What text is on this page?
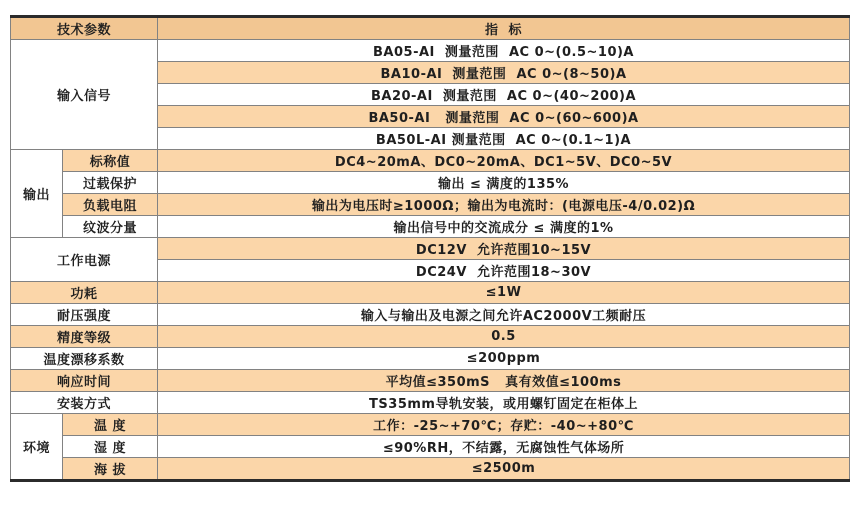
技术参数		指  标
输入信号		BA05-AI  测量范围  AC 0~(0.5~10)A
		BA10-AI  测量范围  AC 0~(8~50)A
		BA20-AI  测量范围  AC 0~(40~200)A
		BA50-AI   测量范围  AC 0~(60~600)A
		BA50L-AI 测量范围  AC 0~(0.1~1)A
输出	标称值	DC4~20mA、DC0~20mA、DC1~5V、DC0~5V
	过载保护	输出 ≤ 满度的135%
	负载电阻	输出为电压时≥1000Ω；输出为电流时：(电源电压-4/0.02)Ω
	纹波分量	输出信号中的交流成分 ≤ 满度的1%
工作电源		DC12V  允许范围10~15V
		DC24V  允许范围18~30V
功耗		≤1W
耐压强度		输入与输出及电源之间允许AC2000V工频耐压
精度等级		0.5
温度漂移系数		≤200ppm
响应时间		平均值≤350mS   真有效值≤100ms
安装方式		TS35mm导轨安装，或用螺钉固定在柜体上
环境	温 度	工作：-25~+70℃；存贮：-40~+80℃
	湿 度	≤90%RH，不结露，无腐蚀性气体场所
	海 拔	≤2500m
